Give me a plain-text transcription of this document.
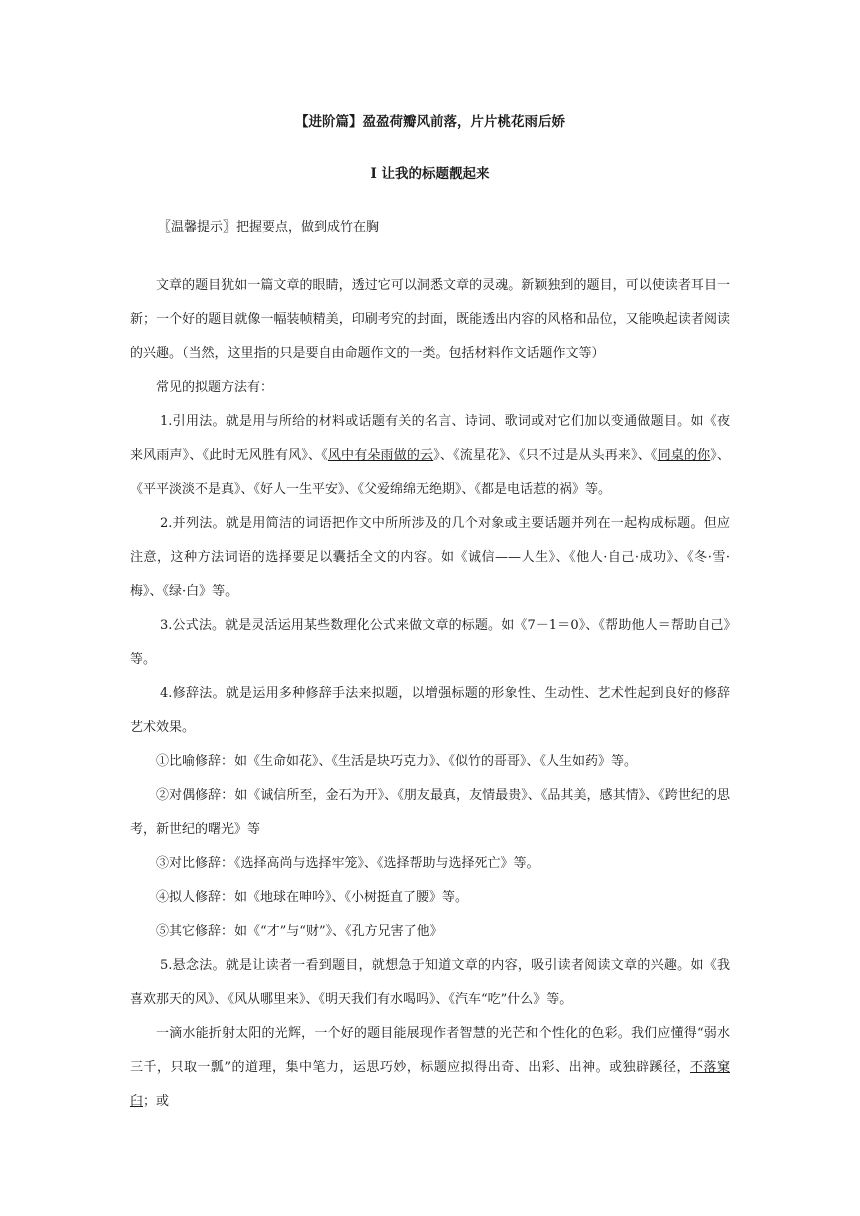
【进阶篇】盈盈荷瓣风前落，片片桃花雨后娇
Ⅰ 让我的标题靓起来
〖温馨提示〗把握要点，做到成竹在胸

文章的题目犹如一篇文章的眼睛，透过它可以洞悉文章的灵魂。新颖独到的题目，可以使读者耳目一新；一个好的题目就像一幅装帧精美，印刷考究的封面，既能透出内容的风格和品位，又能唤起读者阅读的兴趣。（当然，这里指的只是要自由命题作文的一类。包括材料作文话题作文等）

常见的拟题方法有：

1.引用法。就是用与所给的材料或话题有关的名言、诗词、歌词或对它们加以变通做题目。如《夜来风雨声》、《此时无风胜有风》、《风中有朵雨做的云》、《流星花》、《只不过是从头再来》、《同桌的你》、《平平淡淡不是真》、《好人一生平安》、《父爱绵绵无绝期》、《都是电话惹的祸》等。

2.并列法。就是用简洁的词语把作文中所所涉及的几个对象或主要话题并列在一起构成标题。但应注意，这种方法词语的选择要足以囊括全文的内容。如《诚信——人生》、《他人·自己·成功》、《冬·雪·梅》、《绿·白》等。

3.公式法。就是灵活运用某些数理化公式来做文章的标题。如《7－1＝0》、《帮助他人＝帮助自己》等。

4.修辞法。就是运用多种修辞手法来拟题，以增强标题的形象性、生动性、艺术性起到良好的修辞艺术效果。

①比喻修辞：如《生命如花》、《生活是块巧克力》、《似竹的哥哥》、《人生如药》等。

②对偶修辞：如《诚信所至，金石为开》、《朋友最真，友情最贵》、《品其美，感其情》、《跨世纪的思考，新世纪的曙光》等

③对比修辞：《选择高尚与选择牢笼》、《选择帮助与选择死亡》等。

④拟人修辞：如《地球在呻吟》、《小树挺直了腰》等。

⑤其它修辞：如《“才”与“财”》、《孔方兄害了他》

5.悬念法。就是让读者一看到题目，就想急于知道文章的内容，吸引读者阅读文章的兴趣。如《我喜欢那天的风》、《风从哪里来》、《明天我们有水喝吗》、《汽车“吃”什么》等。

一滴水能折射太阳的光辉，一个好的题目能展现作者智慧的光芒和个性化的色彩。我们应懂得“弱水三千，只取一瓢”的道理，集中笔力，运思巧妙，标题应拟得出奇、出彩、出神。或独辟蹊径，不落窠臼；或
